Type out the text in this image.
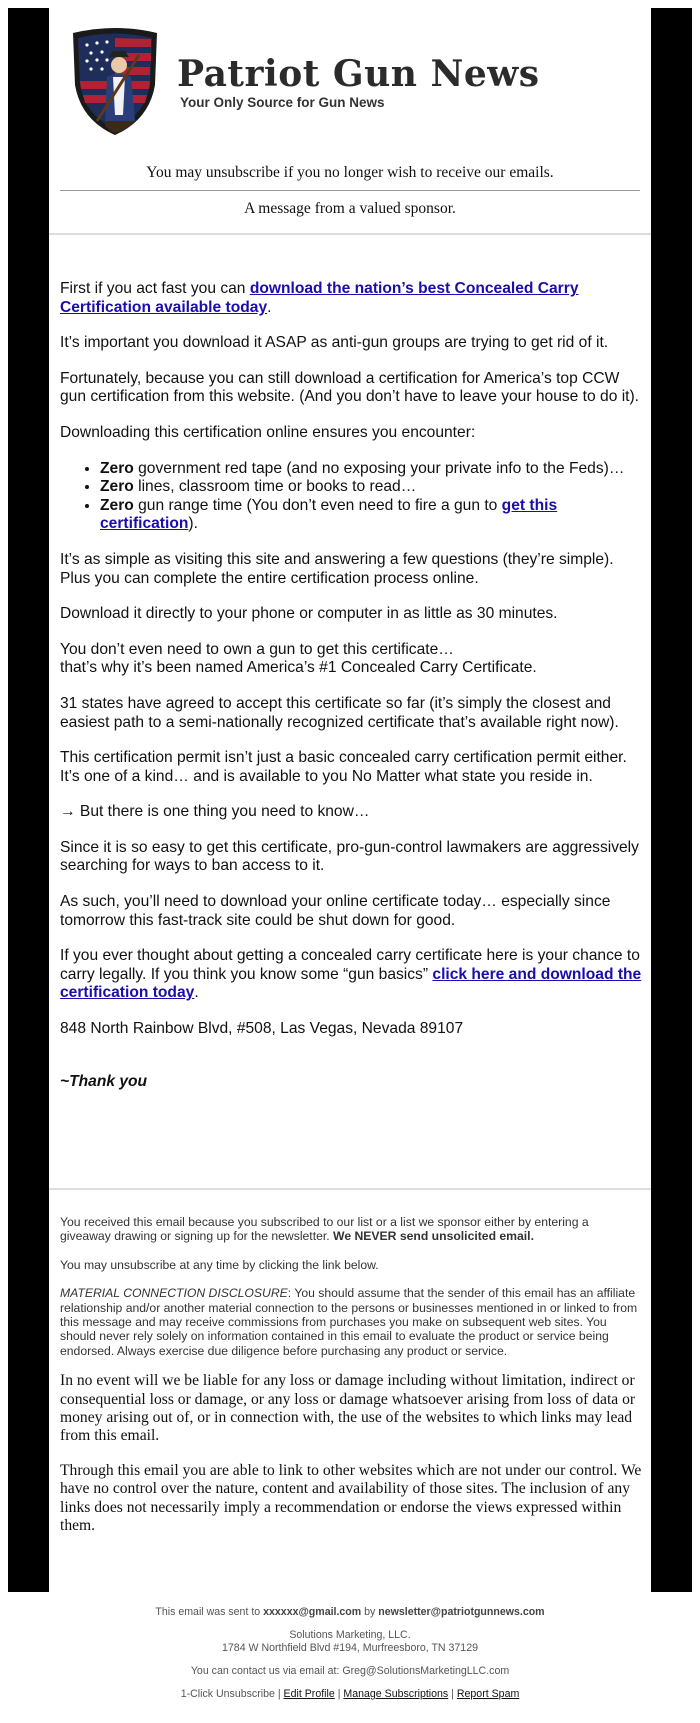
Patriot Gun News
Your Only Source for Gun News
You may unsubscribe if you no longer wish to receive our emails.
A message from a valued sponsor.

First if you act fast you can download the nation’s best Concealed Carry Certification available today.

It’s important you download it ASAP as anti-gun groups are trying to get rid of it.

Fortunately, because you can still download a certification for America’s top CCW gun certification from this website. (And you don’t have to leave your house to do it).

Downloading this certification online ensures you encounter:

• Zero government red tape (and no exposing your private info to the Feds)…
• Zero lines, classroom time or books to read…
• Zero gun range time (You don’t even need to fire a gun to get this certification).

It’s as simple as visiting this site and answering a few questions (they’re simple). Plus you can complete the entire certification process online.

Download it directly to your phone or computer in as little as 30 minutes.

You don’t even need to own a gun to get this certificate…
that’s why it’s been named America’s #1 Concealed Carry Certificate.

31 states have agreed to accept this certificate so far (it’s simply the closest and easiest path to a semi-nationally recognized certificate that’s available right now).

This certification permit isn’t just a basic concealed carry certification permit either. It’s one of a kind… and is available to you No Matter what state you reside in.

→ But there is one thing you need to know…

Since it is so easy to get this certificate, pro-gun-control lawmakers are aggressively searching for ways to ban access to it.

As such, you’ll need to download your online certificate today… especially since tomorrow this fast-track site could be shut down for good.

If you ever thought about getting a concealed carry certificate here is your chance to carry legally. If you think you know some “gun basics” click here and download the certification today.

848 North Rainbow Blvd, #508, Las Vegas, Nevada 89107

~Thank you

You received this email because you subscribed to our list or a list we sponsor either by entering a giveaway drawing or signing up for the newsletter. We NEVER send unsolicited email.

You may unsubscribe at any time by clicking the link below.

MATERIAL CONNECTION DISCLOSURE: You should assume that the sender of this email has an affiliate relationship and/or another material connection to the persons or businesses mentioned in or linked to from this message and may receive commissions from purchases you make on subsequent web sites. You should never rely solely on information contained in this email to evaluate the product or service being endorsed. Always exercise due diligence before purchasing any product or service.

In no event will we be liable for any loss or damage including without limitation, indirect or consequential loss or damage, or any loss or damage whatsoever arising from loss of data or money arising out of, or in connection with, the use of the websites to which links may lead from this email.

Through this email you are able to link to other websites which are not under our control. We have no control over the nature, content and availability of those sites. The inclusion of any links does not necessarily imply a recommendation or endorse the views expressed within them.

This email was sent to xxxxxx@gmail.com by newsletter@patriotgunnews.com

Solutions Marketing, LLC.
1784 W Northfield Blvd #194, Murfreesboro, TN 37129

You can contact us via email at: Greg@SolutionsMarketingLLC.com

1-Click Unsubscribe | Edit Profile | Manage Subscriptions | Report Spam
